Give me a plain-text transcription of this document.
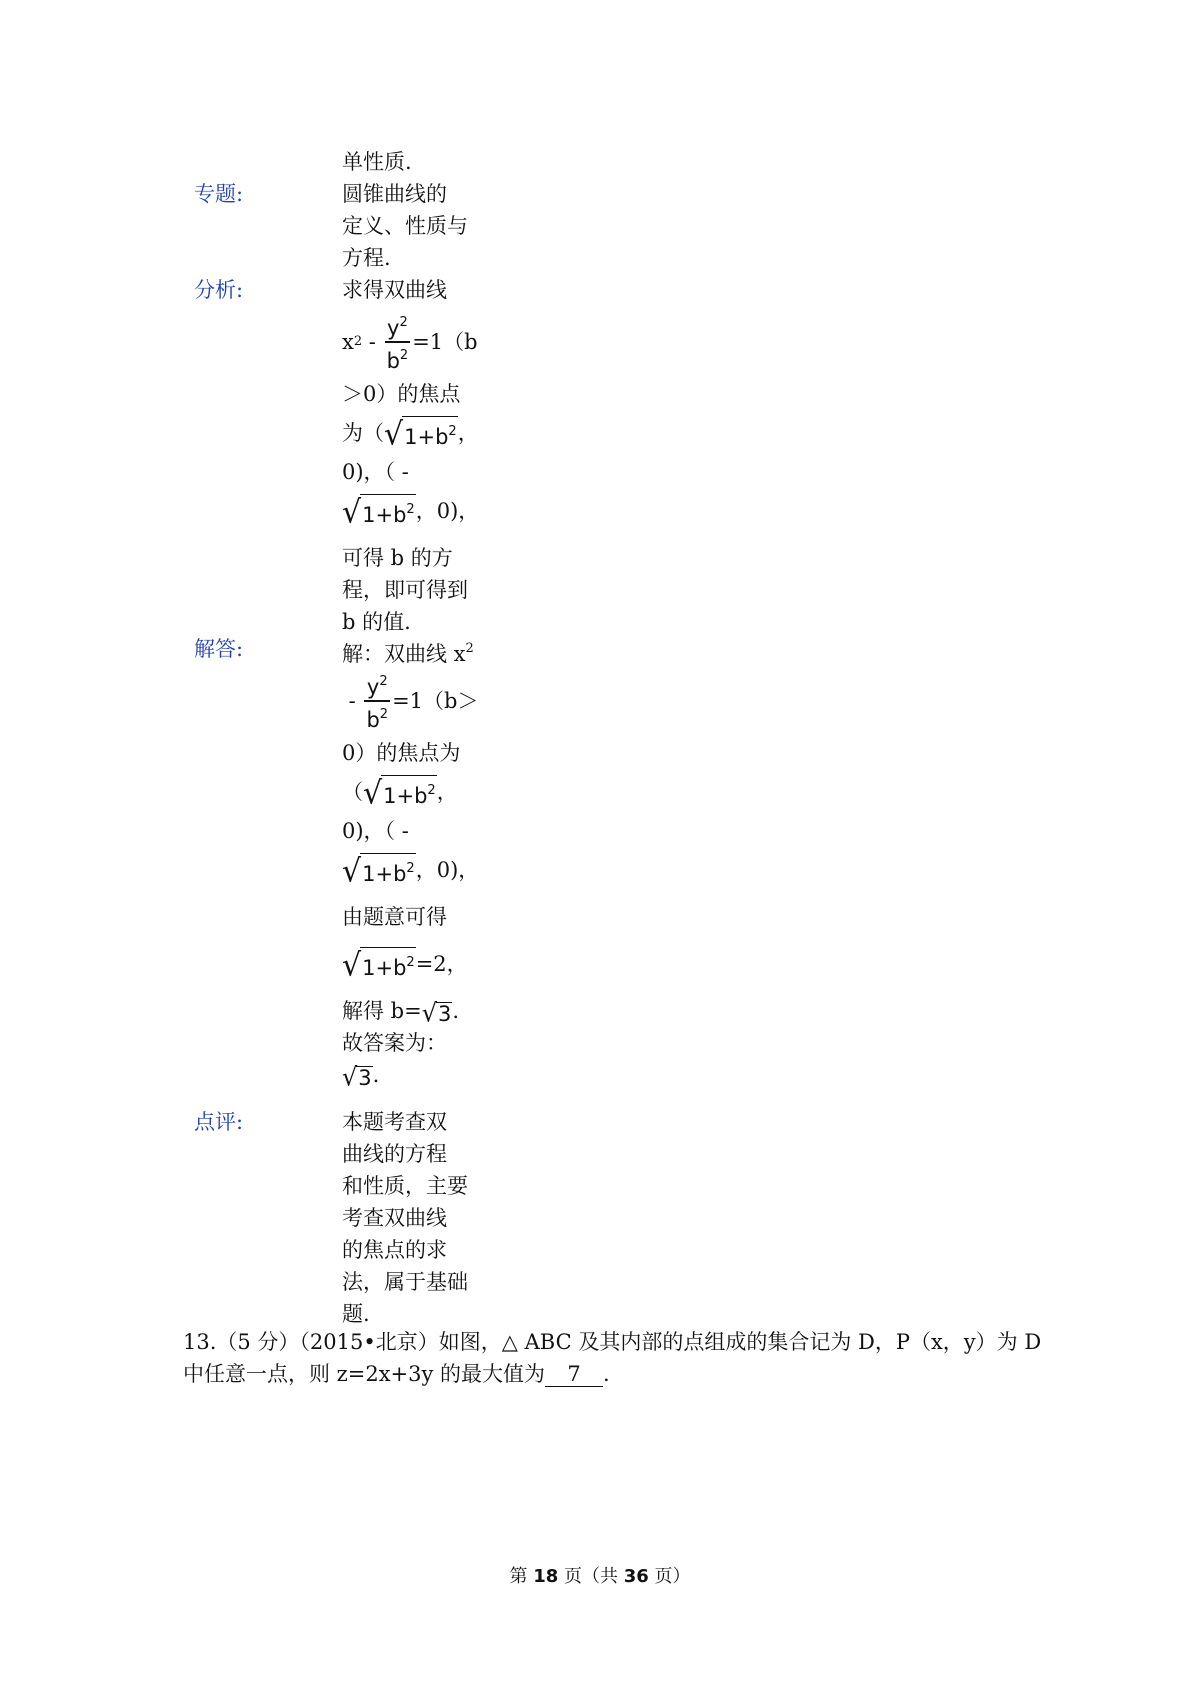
单性质.
专题:	圆锥曲线的
定义、性质与
方程.
分析:	求得双曲线
x $2 - \frac{y^2}{b^2} =1(b$
＞0）的焦点
为（ √ $1+b^2$ ，
0)，（ -
√ $1+b^2$ ，0)，
可得 b 的方
程，即可得到
b 的值.
解答:	解：双曲线 $x^2$
- $\frac{y^2}{b^2} =1(b>$
0）的焦点为
（ √ $1+b^2$ ，
0)，（ -
√ $1+b^2$ ，0)，
由题意可得
√ $1+b^2 =2$，
解得 b= √ 3 .
故答案为：
√ 3 .
点评:	本题考查双
曲线的方程
和性质，主要
考查双曲线
的焦点的求
法，属于基础
题.
13.（5 分）（2015•北京）如图，△ ABC 及其内部的点组成的集合记为 D，P（x，y）为 D
中任意一点，则 z=2x+3y 的最大值为 7 .
第 18 页（共 36 页）
